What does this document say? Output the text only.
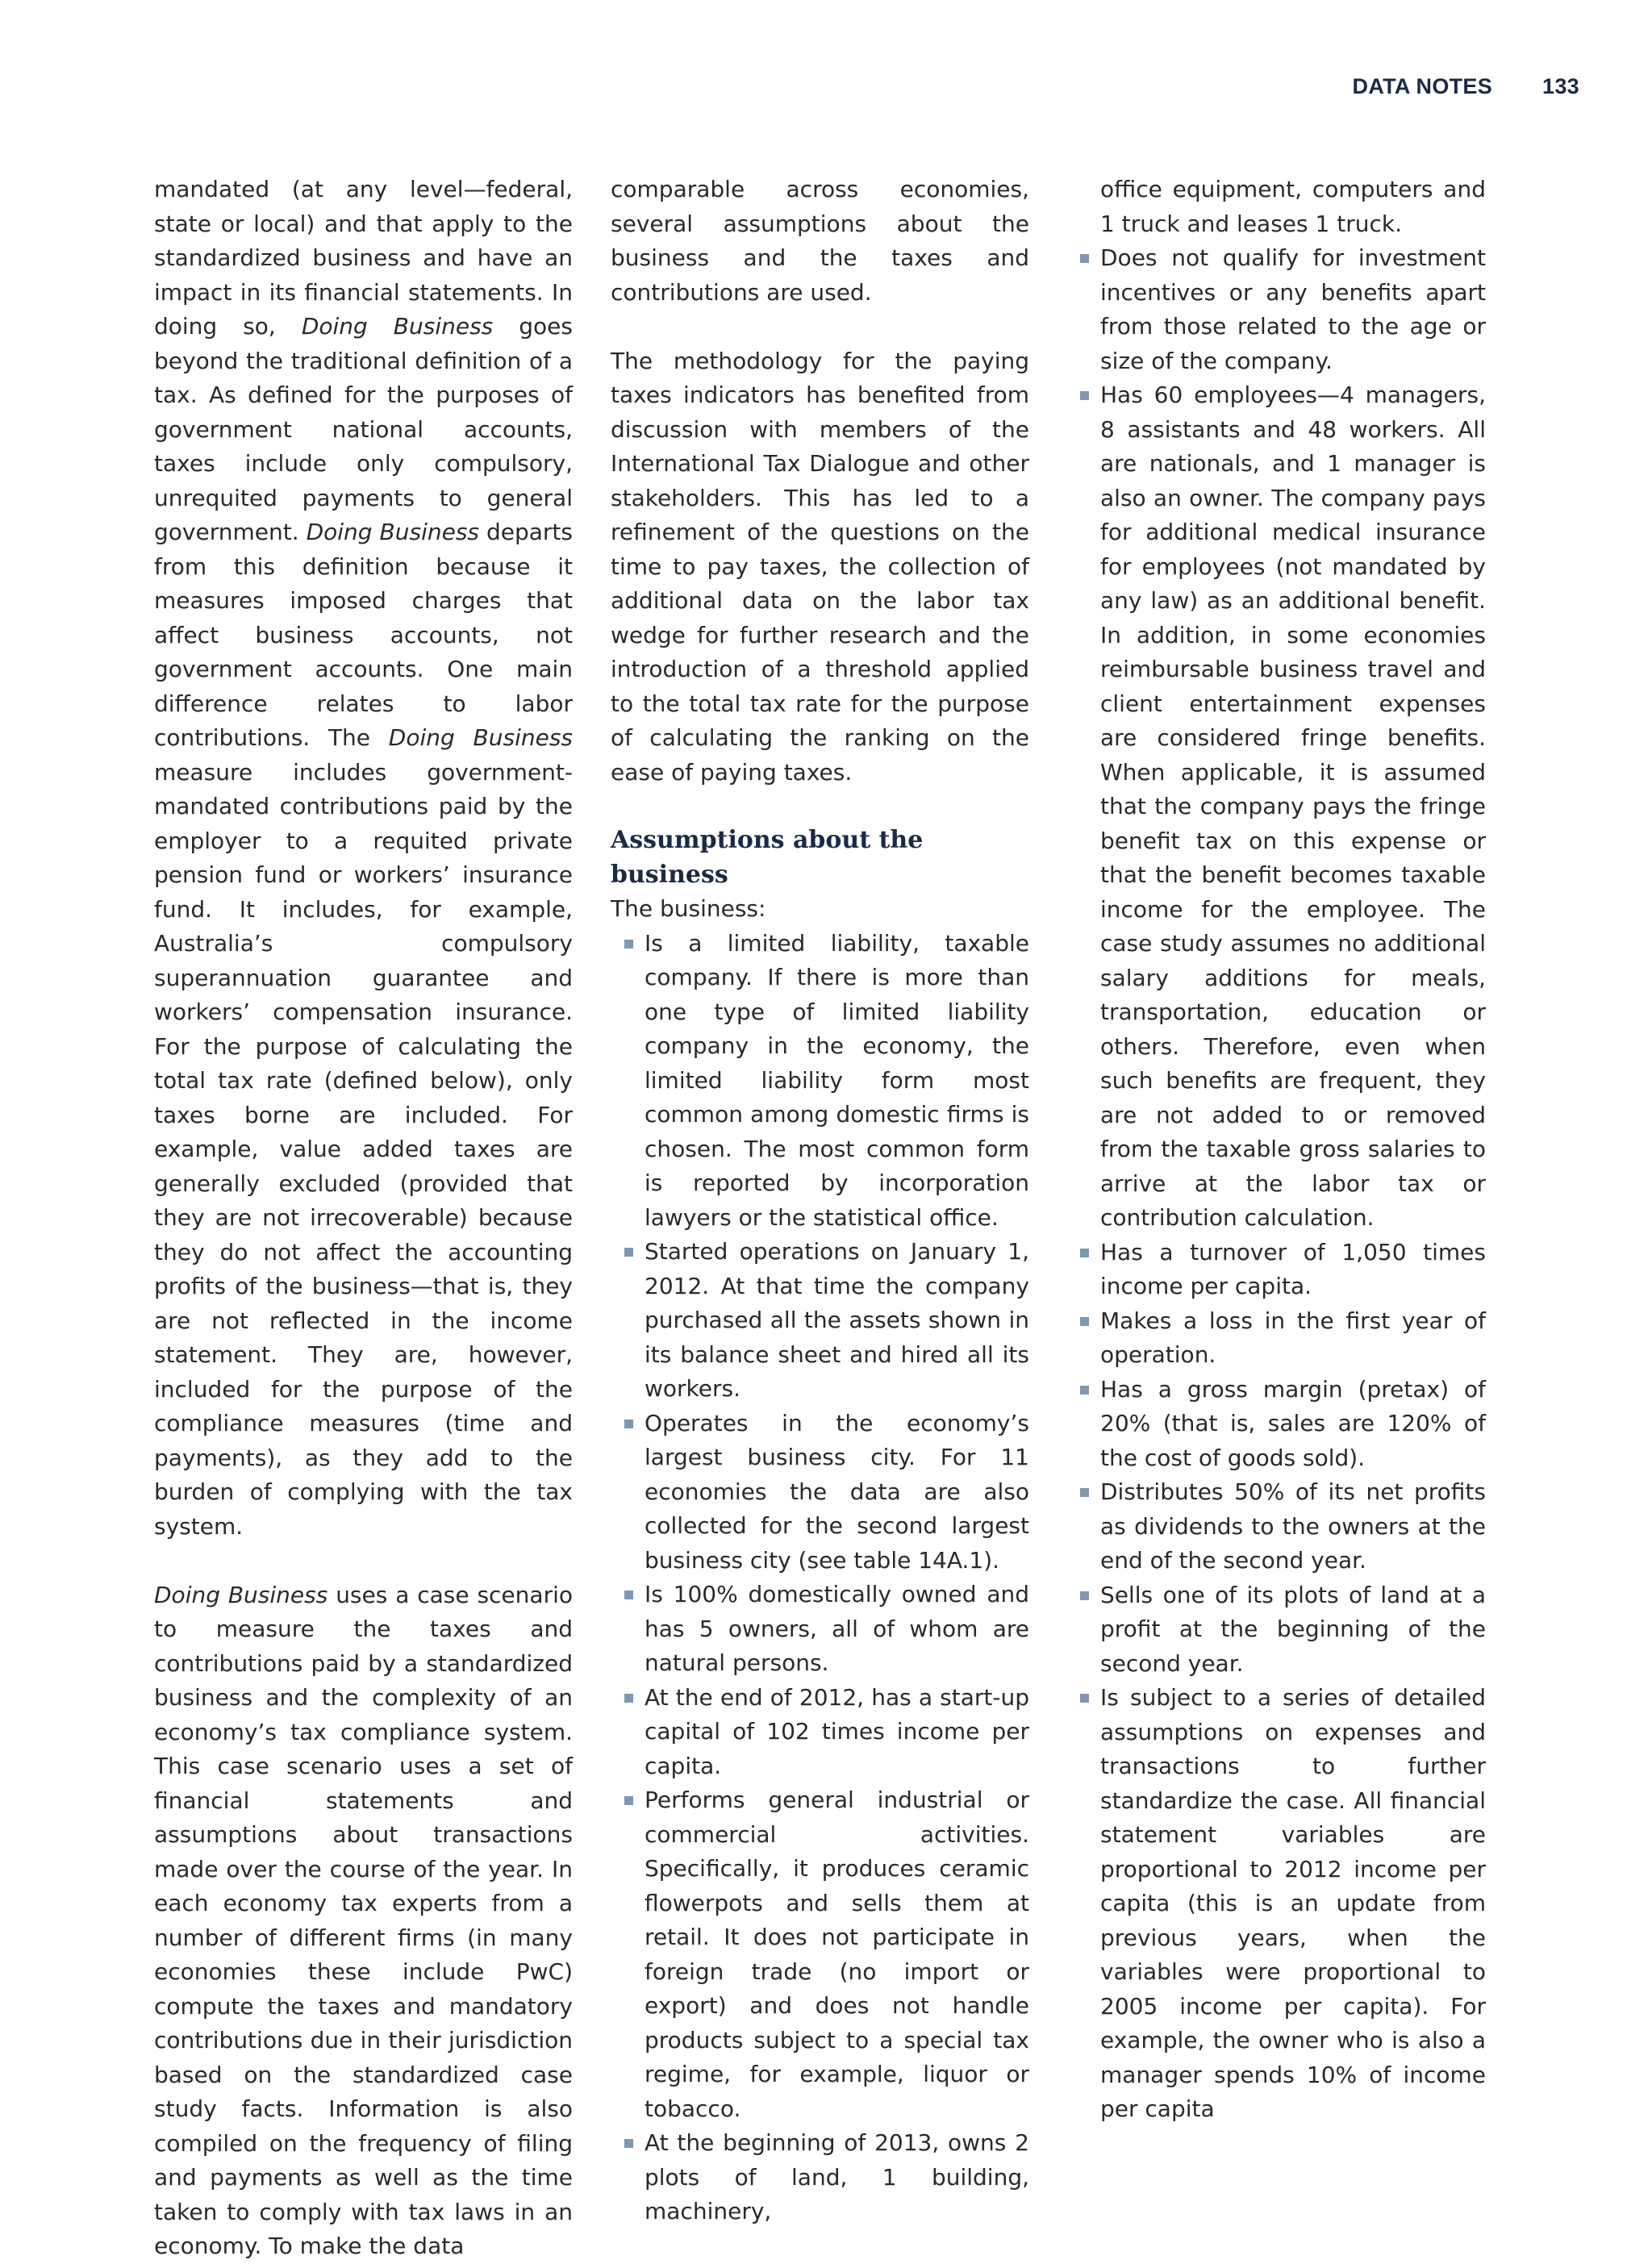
DATA NOTES 133

mandated (at any level—federal, state or local) and that apply to the standardized business and have an impact in its financial statements. In doing so, Doing Business goes beyond the traditional definition of a tax. As defined for the purposes of government national accounts, taxes include only compulsory, unrequited payments to general government. Doing Business departs from this definition because it measures imposed charges that affect business accounts, not government accounts. One main difference relates to labor contributions. The Doing Business measure includes government-mandated contributions paid by the employer to a requited private pension fund or workers’ insurance fund. It includes, for example, Australia’s compulsory superannuation guarantee and workers’ compensation insurance. For the purpose of calculating the total tax rate (defined below), only taxes borne are included. For example, value added taxes are generally excluded (provided that they are not irrecoverable) because they do not affect the accounting profits of the business—that is, they are not reflected in the income statement. They are, however, included for the purpose of the compliance measures (time and payments), as they add to the burden of complying with the tax system.

Doing Business uses a case scenario to measure the taxes and contributions paid by a standardized business and the complexity of an economy’s tax compliance system. This case scenario uses a set of financial statements and assumptions about transactions made over the course of the year. In each economy tax experts from a number of different firms (in many economies these include PwC) compute the taxes and mandatory contributions due in their jurisdiction based on the standardized case study facts. Information is also compiled on the frequency of filing and payments as well as the time taken to comply with tax laws in an economy. To make the data

comparable across economies, several assumptions about the business and the taxes and contributions are used.

The methodology for the paying taxes indicators has benefited from discussion with members of the International Tax Dialogue and other stakeholders. This has led to a refinement of the questions on the time to pay taxes, the collection of additional data on the labor tax wedge for further research and the introduction of a threshold applied to the total tax rate for the purpose of calculating the ranking on the ease of paying taxes.

Assumptions about the business

The business:

Is a limited liability, taxable company. If there is more than one type of limited liability company in the economy, the limited liability form most common among domestic firms is chosen. The most common form is reported by incorporation lawyers or the statistical office.
Started operations on January 1, 2012. At that time the company purchased all the assets shown in its balance sheet and hired all its workers.
Operates in the economy’s largest business city. For 11 economies the data are also collected for the second largest business city (see table 14A.1).
Is 100% domestically owned and has 5 owners, all of whom are natural persons.
At the end of 2012, has a start-up capital of 102 times income per capita.
Performs general industrial or commercial activities. Specifically, it produces ceramic flowerpots and sells them at retail. It does not participate in foreign trade (no import or export) and does not handle products subject to a special tax regime, for example, liquor or tobacco.
At the beginning of 2013, owns 2 plots of land, 1 building, machinery,

office equipment, computers and 1 truck and leases 1 truck.

Does not qualify for investment incentives or any benefits apart from those related to the age or size of the company.
Has 60 employees—4 managers, 8 assistants and 48 workers. All are nationals, and 1 manager is also an owner. The company pays for additional medical insurance for employees (not mandated by any law) as an additional benefit. In addition, in some economies reimbursable business travel and client entertainment expenses are considered fringe benefits. When applicable, it is assumed that the company pays the fringe benefit tax on this expense or that the benefit becomes taxable income for the employee. The case study assumes no additional salary additions for meals, transportation, education or others. Therefore, even when such benefits are frequent, they are not added to or removed from the taxable gross salaries to arrive at the labor tax or contribution calculation.
Has a turnover of 1,050 times income per capita.
Makes a loss in the first year of operation.
Has a gross margin (pretax) of 20% (that is, sales are 120% of the cost of goods sold).
Distributes 50% of its net profits as dividends to the owners at the end of the second year.
Sells one of its plots of land at a profit at the beginning of the second year.
Is subject to a series of detailed assumptions on expenses and transactions to further standardize the case. All financial statement variables are proportional to 2012 income per capita (this is an update from previous years, when the variables were proportional to 2005 income per capita). For example, the owner who is also a manager spends 10% of income per capita
